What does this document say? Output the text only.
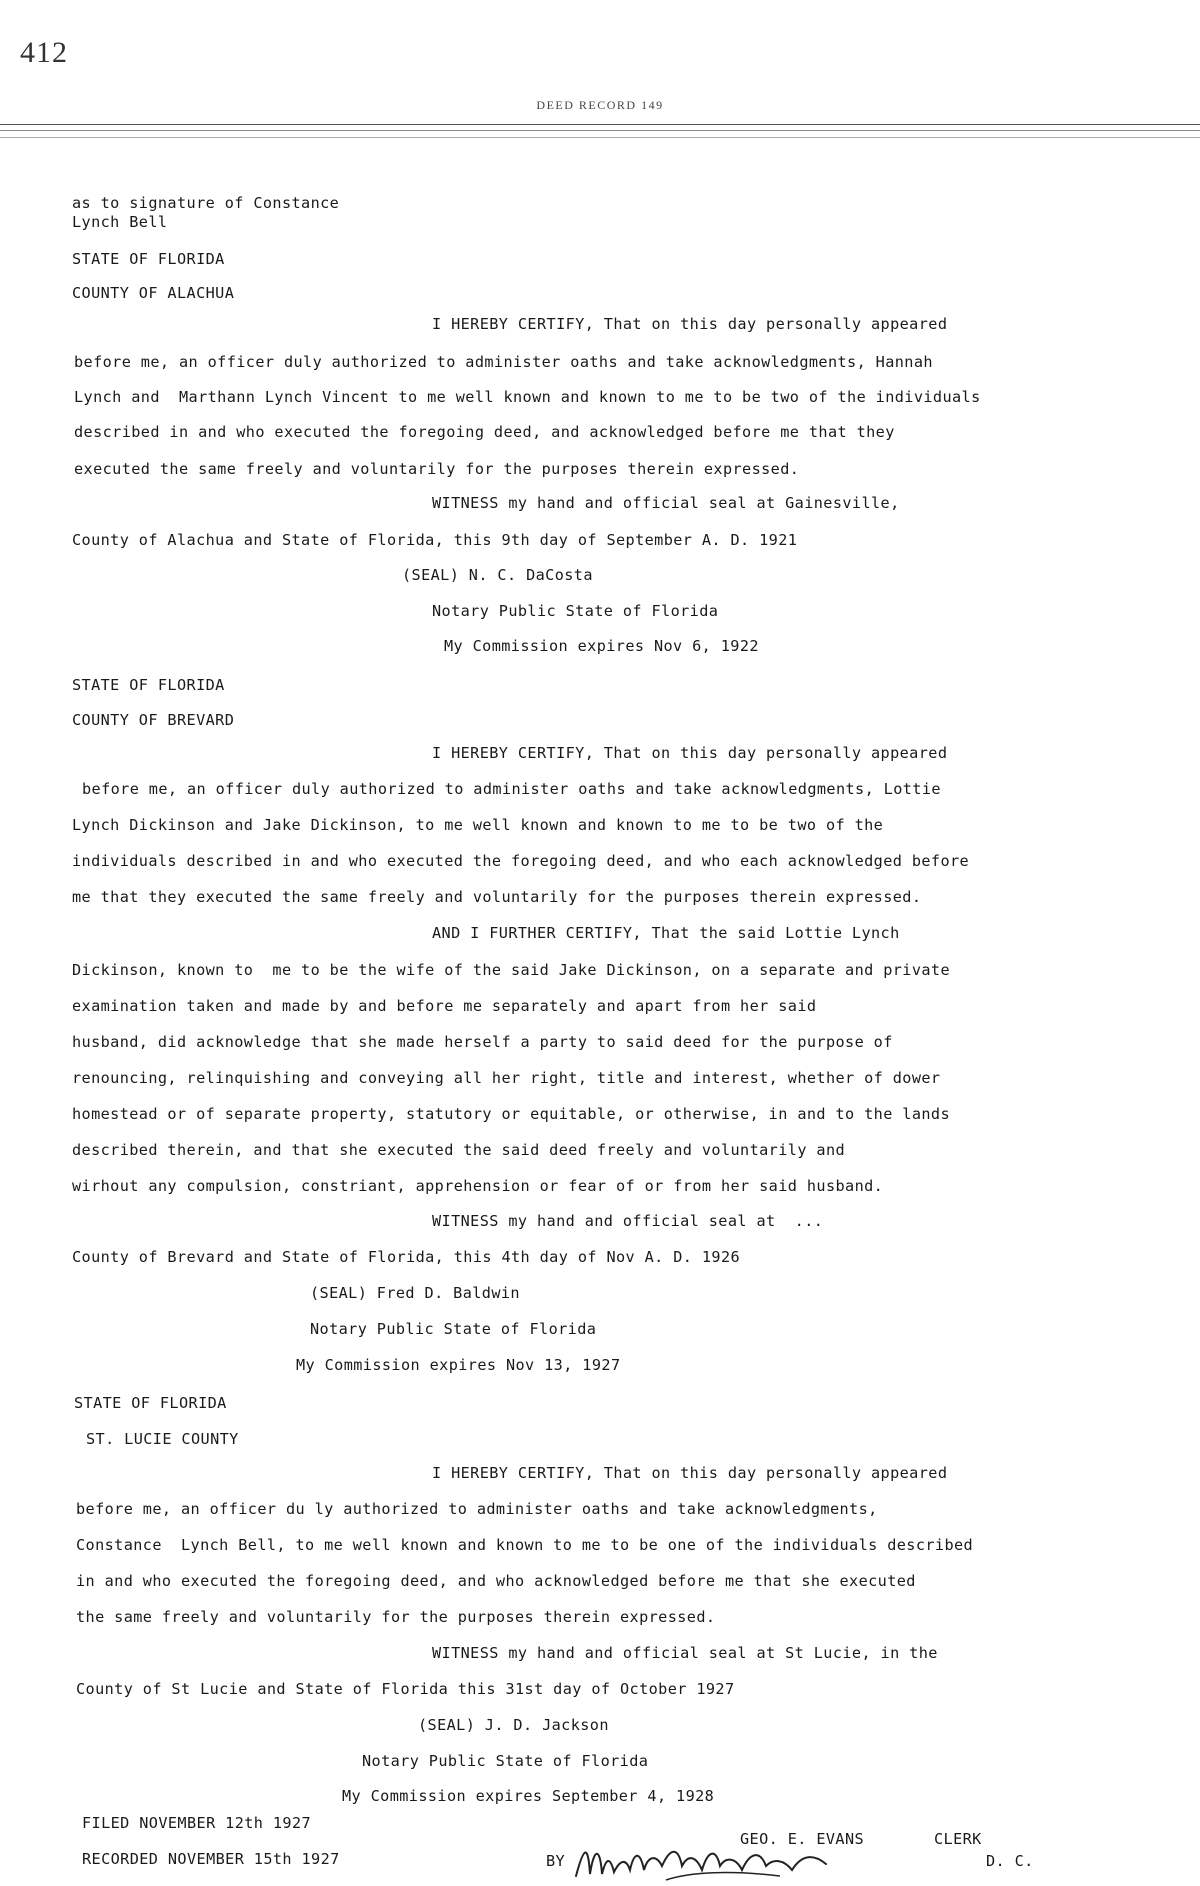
412
DEED RECORD 149
as to signature of Constance
Lynch Bell
STATE OF FLORIDA
COUNTY OF ALACHUA
I HEREBY CERTIFY, That on this day personally appeared
before me, an officer duly authorized to administer oaths and take acknowledgments, Hannah
Lynch and  Marthann Lynch Vincent to me well known and known to me to be two of the individuals
described in and who executed the foregoing deed, and acknowledged before me that they
executed the same freely and voluntarily for the purposes therein expressed.
WITNESS my hand and official seal at Gainesville,
County of Alachua and State of Florida, this 9th day of September A. D. 1921
(SEAL) N. C. DaCosta
Notary Public State of Florida
My Commission expires Nov 6, 1922
STATE OF FLORIDA
COUNTY OF BREVARD
I HEREBY CERTIFY, That on this day personally appeared
before me, an officer duly authorized to administer oaths and take acknowledgments, Lottie
Lynch Dickinson and Jake Dickinson, to me well known and known to me to be two of the
individuals described in and who executed the foregoing deed, and who each acknowledged before
me that they executed the same freely and voluntarily for the purposes therein expressed.
AND I FURTHER CERTIFY, That the said Lottie Lynch
Dickinson, known to  me to be the wife of the said Jake Dickinson, on a separate and private
examination taken and made by and before me separately and apart from her said
husband, did acknowledge that she made herself a party to said deed for the purpose of
renouncing, relinquishing and conveying all her right, title and interest, whether of dower
homestead or of separate property, statutory or equitable, or otherwise, in and to the lands
described therein, and that she executed the said deed freely and voluntarily and
wirhout any compulsion, constriant, apprehension or fear of or from her said husband.
WITNESS my hand and official seal at  ...
County of Brevard and State of Florida, this 4th day of Nov A. D. 1926
(SEAL) Fred D. Baldwin
Notary Public State of Florida
My Commission expires Nov 13, 1927
STATE OF FLORIDA
ST. LUCIE COUNTY
I HEREBY CERTIFY, That on this day personally appeared
before me, an officer du ly authorized to administer oaths and take acknowledgments,
Constance  Lynch Bell, to me well known and known to me to be one of the individuals described
in and who executed the foregoing deed, and who acknowledged before me that she executed
the same freely and voluntarily for the purposes therein expressed.
WITNESS my hand and official seal at St Lucie, in the
County of St Lucie and State of Florida this 31st day of October 1927
(SEAL) J. D. Jackson
Notary Public State of Florida
My Commission expires September 4, 1928
FILED NOVEMBER 12th 1927
RECORDED NOVEMBER 15th 1927	BY
GEO. E. EVANS	CLERK
D. C.
